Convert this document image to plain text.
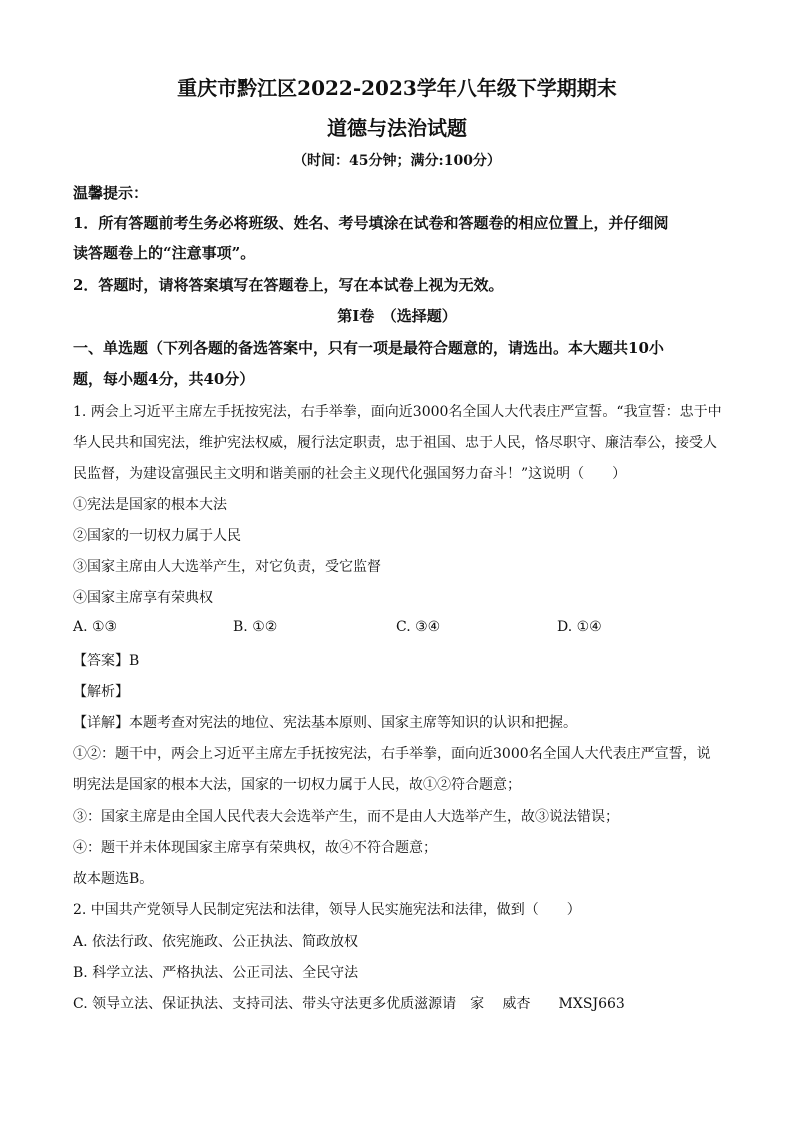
重庆市黔江区2022-2023学年八年级下学期期末
道德与法治试题
（时间：45分钟；满分:100分）
温馨提示：
1．所有答题前考生务必将班级、姓名、考号填涂在试卷和答题卷的相应位置上，并仔细阅
读答题卷上的“注意事项”。
2．答题时，请将答案填写在答题卷上，写在本试卷上视为无效。
第Ⅰ卷　（选择题）
一、单选题（下列各题的备选答案中，只有一项是最符合题意的，请选出。本大题共10小
题，每小题4分，共40分）
1. 两会上习近平主席左手抚按宪法，右手举拳，面向近3000名全国人大代表庄严宣誓。“我宣誓：忠于中
华人民共和国宪法，维护宪法权威，履行法定职责，忠于祖国、忠于人民，恪尽职守、廉洁奉公，接受人
民监督，为建设富强民主文明和谐美丽的社会主义现代化强国努力奋斗！”这说明（　　）
①宪法是国家的根本大法
②国家的一切权力属于人民
③国家主席由人大选举产生，对它负责，受它监督
④国家主席享有荣典权
A. ①③	B. ①②	C. ③④	D. ①④
【答案】B
【解析】
【详解】本题考查对宪法的地位、宪法基本原则、国家主席等知识的认识和把握。
①②：题干中，两会上习近平主席左手抚按宪法，右手举拳，面向近3000名全国人大代表庄严宣誓，说
明宪法是国家的根本大法，国家的一切权力属于人民，故①②符合题意；
③：国家主席是由全国人民代表大会选举产生，而不是由人大选举产生，故③说法错误；
④：题干并未体现国家主席享有荣典权，故④不符合题意；
故本题选B。
2. 中国共产党领导人民制定宪法和法律，领导人民实施宪法和法律，做到（　　）
A. 依法行政、依宪施政、公正执法、简政放权
B. 科学立法、严格执法、公正司法、全民守法
C. 领导立法、保证执法、支持司法、带头守法更多优质滋源请　家　 威杏　　MXSJ663
